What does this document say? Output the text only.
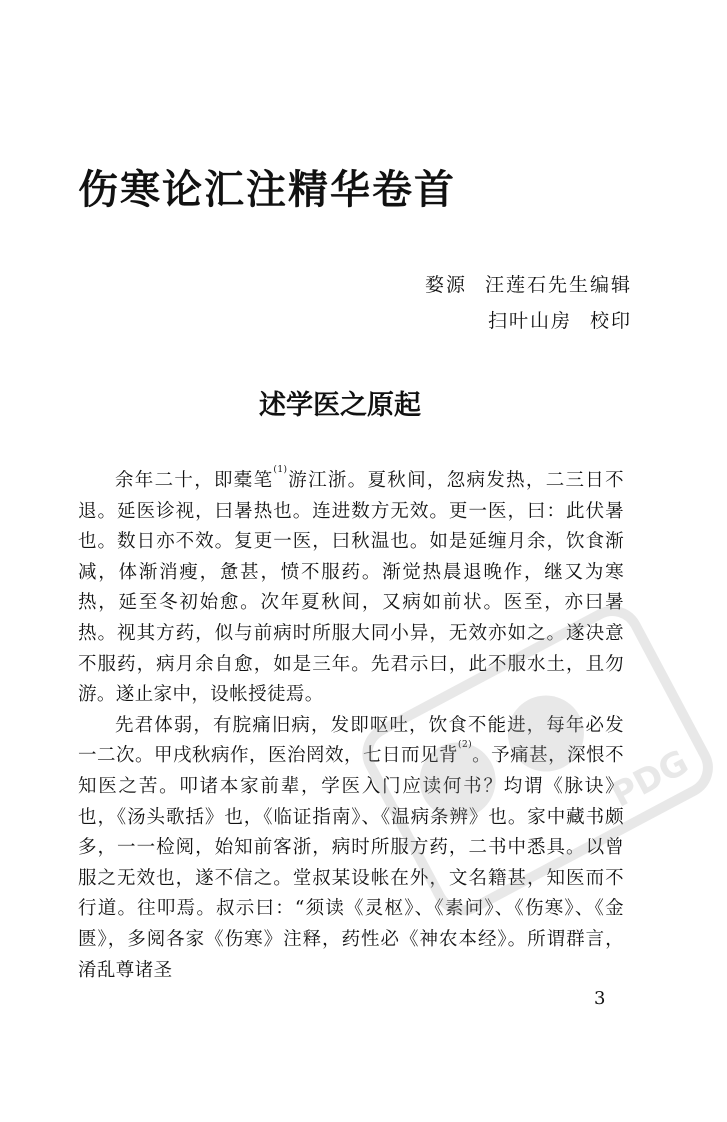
伤寒论汇注精华卷首
婺源 汪莲石先生编辑
扫叶山房 校印
述学医之原起

余年二十，即橐笔$^{(1)}$游江浙。夏秋间，忽病发热，二三日不退。延医诊视，曰暑热也。连进数方无效。更一医，曰：此伏暑也。数日亦不效。复更一医，曰秋温也。如是延缠月余，饮食渐减，体渐消瘦，惫甚，愤不服药。渐觉热晨退晚作，继又为寒热，延至冬初始愈。次年夏秋间，又病如前状。医至，亦曰暑热。视其方药，似与前病时所服大同小异，无效亦如之。遂决意不服药，病月余自愈，如是三年。先君示曰，此不服水土，且勿游。遂止家中，设帐授徒焉。

先君体弱，有脘痛旧病，发即呕吐，饮食不能进，每年必发一二次。甲戌秋病作，医治罔效，七日而见背$^{(2)}$。予痛甚，深恨不知医之苦。叩诸本家前辈，学医入门应读何书？均谓《脉诀》也，《汤头歌括》也，《临证指南》、《温病条辨》也。家中藏书颇多，一一检阅，始知前客浙，病时所服方药，二书中悉具。以曾服之无效也，遂不信之。堂叔某设帐在外，文名籍甚，知医而不行道。往叩焉。叔示曰：“须读《灵枢》、《素问》、《伤寒》、《金匮》，多阅各家《伤寒》注释，药性必《神农本经》。所谓群言，淆乱尊诸圣

3
PDG
